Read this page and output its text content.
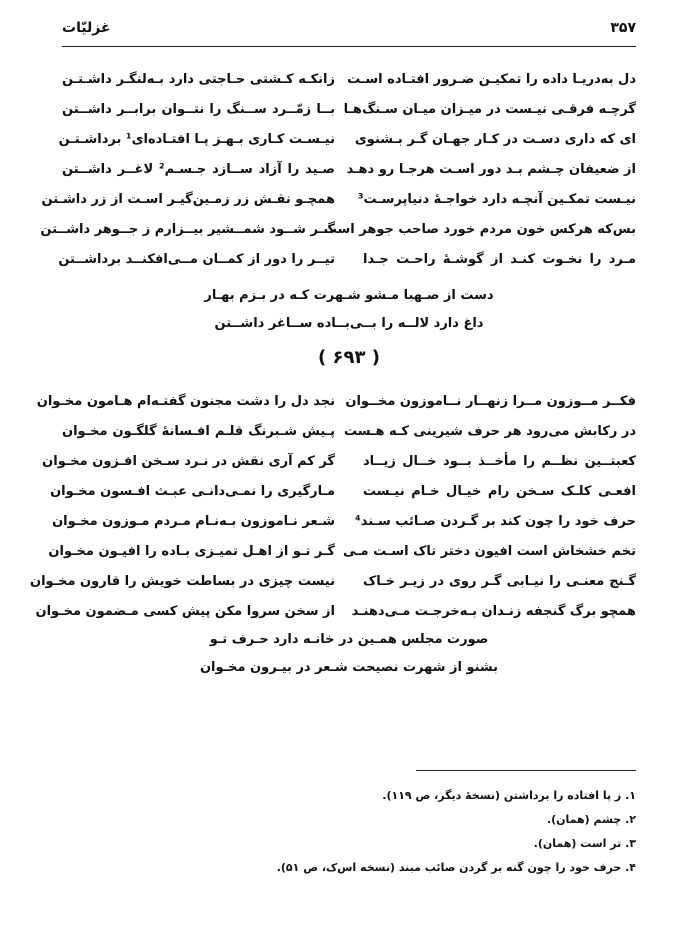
۳۵۷
غزلیّات
دل به‌دریـا داده را تمکیـن ضـرور افتـاده اسـت
زانکـه کـشتی حـاجتی دارد بـه‌لنگـر داشـتـن
گرچـه فرقـی نیـست در میـزان میـان سـنگ‌هـا
بــا زمّــرد ســنگ را نتــوان برابــر داشــتن
ای که داری دسـت در کـار جهـان گـر بـشنوی
نیـسـت کـاری بـهـز پـا افتـاده‌ای¹ برداشـتـن
از ضعیفان چـشم بـد دور اسـت هرجـا رو دهـد
صـید را آزاد ســازد جـسـم² لاغــر داشــتن
نیـست تمکـین آنچـه دارد خواجـهٔ دنیاپرسـت³
همچـو نقـش زر زمـین‌گیـر اسـت از زر داشـتن
بس‌که هرکس خون مردم خورد صاحب جوهر است
گــر شــود شمــشیر بیــزارم ز جــوهر داشــتن
مـرد را نخـوت کنـد از گوشـهٔ راحـت جـدا
تیــر را دور از کمــان مــی‌افکنــد برداشــتن
دست از صـهبا مـشو شـهرت کـه در بـزم بهـار
داغ دارد لالــه را بــی‌بــاده ســاغر داشــتن
( ۶۹۳ )
فکــر مــوزون مــرا زنهــار نــاموزون مخــوان
نجد دل را دشت مجنون گفتـه‌ام هـامون مخـوان
در رکابش می‌رود هر حرف شیرینی کـه هـست
پـیش شـبرنگ قلـم افـسانهٔ گلگـون مخـوان
کعبتــین نظــم را مأخــذ بــود خــال زیــاد
گر کم آری نقش در نـرد سـخن افـزون مخـوان
افعـی کلـک سـخن رام خیـال خـام نیـست
مـارگیری را نمـی‌دانـی عبـث افـسون مخـوان
حرف خود را چون کند بر گـردن صـائب سـند⁴
شـعر نـاموزون بـه‌نـام مـردم مـوزون مخـوان
تخم خشخاش است افیون دختر تاک اسـت مـی
گـر تـو از اهـل تمیـزی بـاده را افیـون مخـوان
گـنج معنـی را نیـابی گـر روی در زیـر خـاک
نیست چیزی در بساطت خویش را قارون مخـوان
همچو برگ گنجفه زنـدان بـه‌خرجـت مـی‌دهنـد
از سخن سروا مکن پیش کسی مـضمون مخـوان
صورت مجلس همـین در خانـه دارد حـرف تـو
بشنو از شهرت نصیحت شـعر در بیـرون مخـوان
۱. ز پا افتاده را برداشتن (نسخهٔ دیگر، ص ۱۱۹).
۲. چشم (همان).
۳. تر است (همان).
۴. حرف خود را چون گنه بر گردن صائب مبند (نسخه اس‌ک، ص ۵۱).
